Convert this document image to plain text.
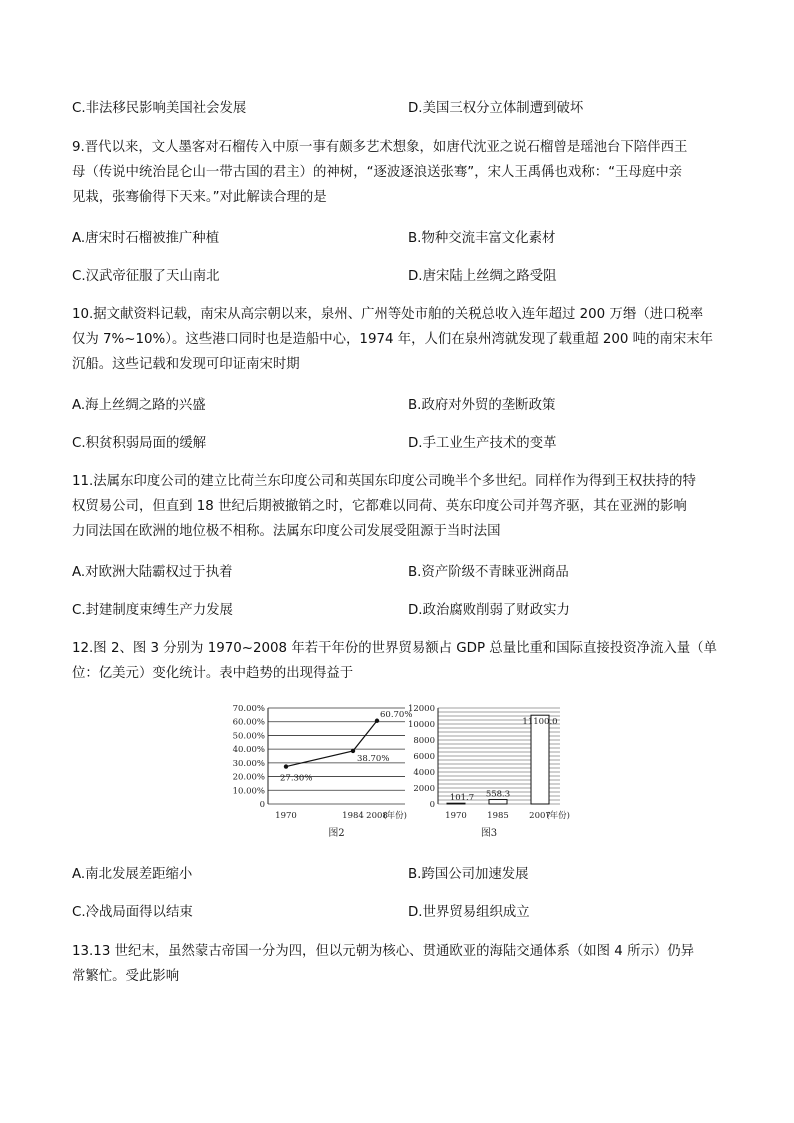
C.非法移民影响美国社会发展	D.美国三权分立体制遭到破坏
9.晋代以来，文人墨客对石榴传入中原一事有颇多艺术想象，如唐代沈亚之说石榴曾是瑶池台下陪伴西王
母（传说中统治昆仑山一带古国的君主）的神树，“逐波逐浪送张骞”，宋人王禹偁也戏称：“王母庭中亲
见栽，张骞偷得下天来。”对此解读合理的是
A.唐宋时石榴被推广种植	B.物种交流丰富文化素材
C.汉武帝征服了天山南北	D.唐宋陆上丝绸之路受阻
10.据文献资料记载，南宋从高宗朝以来，泉州、广州等处市舶的关税总收入连年超过 200 万缗（进口税率
仅为 7%~10%）。这些港口同时也是造船中心，1974 年，人们在泉州湾就发现了载重超 200 吨的南宋末年
沉船。这些记载和发现可印证南宋时期
A.海上丝绸之路的兴盛	B.政府对外贸的垄断政策
C.积贫积弱局面的缓解	D.手工业生产技术的变革
11.法属东印度公司的建立比荷兰东印度公司和英国东印度公司晚半个多世纪。同样作为得到王权扶持的特
权贸易公司，但直到 18 世纪后期被撤销之时，它都难以同荷、英东印度公司并驾齐驱，其在亚洲的影响
力同法国在欧洲的地位极不相称。法属东印度公司发展受阻源于当时法国
A.对欧洲大陆霸权过于执着	B.资产阶级不青睐亚洲商品
C.封建制度束缚生产力发展	D.政治腐败削弱了财政实力
12.图 2、图 3 分别为 1970~2008 年若干年份的世界贸易额占 GDP 总量比重和国际直接投资净流入量（单
位：亿美元）变化统计。表中趋势的出现得益于
70.00%
60.00%
50.00%
40.00%
30.00%
20.00%
10.00%
0
27.30%
38.70%
60.70%
1970	1984 2008
(年份)
图2
12000
10000
8000
6000
4000
2000
0
101.7
1970
558.3
1985
11100.0
2007
(年份)
图3
A.南北发展差距缩小	B.跨国公司加速发展
C.冷战局面得以结束	D.世界贸易组织成立
13.13 世纪末，虽然蒙古帝国一分为四，但以元朝为核心、贯通欧亚的海陆交通体系（如图 4 所示）仍异
常繁忙。受此影响
